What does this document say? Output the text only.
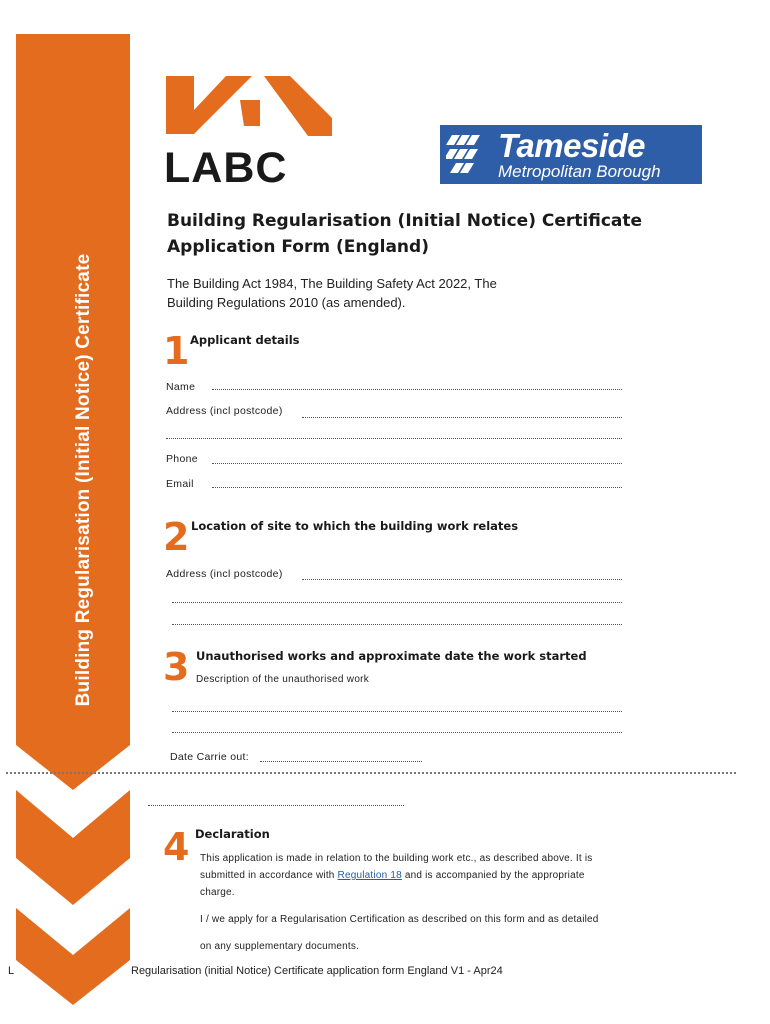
Building Regularisation (Initial Notice) Certificate
LABC	Tameside
Metropolitan Borough
Building Regularisation (Initial Notice) Certificate
Application Form (England)
The Building Act 1984, The Building Safety Act 2022, The
Building Regulations 2010 (as amended).
1 Applicant details
Name
Address (incl postcode)
Phone
Email
2 Location of site to which the building work relates
Address (incl postcode)
3 Unauthorised works and approximate date the work started
Description of the unauthorised work
Date Carrie out:
4 Declaration
This application is made in relation to the building work etc., as described above. It is
submitted in accordance with Regulation 18 and is accompanied by the appropriate
charge.
I / we apply for a Regularisation Certification as described on this form and as detailed
on any supplementary documents.
L	Regularisation (initial Notice) Certificate application form England V1 - Apr24
